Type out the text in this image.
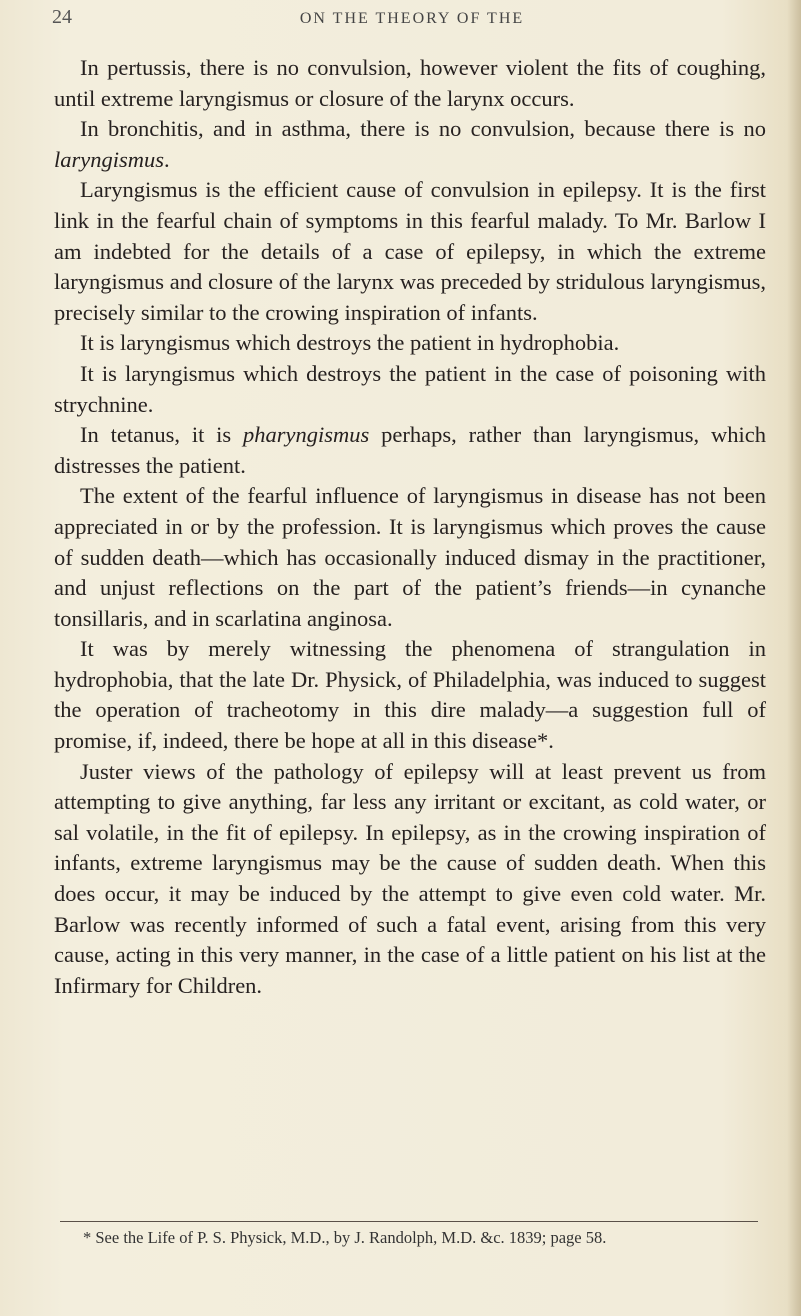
24	ON THE THEORY OF THE

In pertussis, there is no convulsion, however violent the fits of coughing, until extreme laryngismus or closure of the larynx occurs.

In bronchitis, and in asthma, there is no convulsion, because there is no laryngismus.

Laryngismus is the efficient cause of convulsion in epilepsy. It is the first link in the fearful chain of symptoms in this fearful malady. To Mr. Barlow I am indebted for the details of a case of epilepsy, in which the extreme laryngismus and closure of the larynx was preceded by stridulous laryngismus, precisely similar to the crowing inspiration of infants.

It is laryngismus which destroys the patient in hydrophobia.

It is laryngismus which destroys the patient in the case of poisoning with strychnine.

In tetanus, it is pharyngismus perhaps, rather than laryngismus, which distresses the patient.

The extent of the fearful influence of laryngismus in disease has not been appreciated in or by the profession. It is laryngismus which proves the cause of sudden death—which has occasionally induced dismay in the practitioner, and unjust reflections on the part of the patient’s friends—in cynanche tonsillaris, and in scarlatina anginosa.

It was by merely witnessing the phenomena of strangulation in hydrophobia, that the late Dr. Physick, of Philadelphia, was induced to suggest the operation of tracheotomy in this dire malady—a suggestion full of promise, if, indeed, there be hope at all in this disease*.

Juster views of the pathology of epilepsy will at least prevent us from attempting to give anything, far less any irritant or excitant, as cold water, or sal volatile, in the fit of epilepsy. In epilepsy, as in the crowing inspiration of infants, extreme laryngismus may be the cause of sudden death. When this does occur, it may be induced by the attempt to give even cold water. Mr. Barlow was recently informed of such a fatal event, arising from this very cause, acting in this very manner, in the case of a little patient on his list at the Infirmary for Children.

* See the Life of P. S. Physick, M.D., by J. Randolph, M.D. &c. 1839; page 58.
